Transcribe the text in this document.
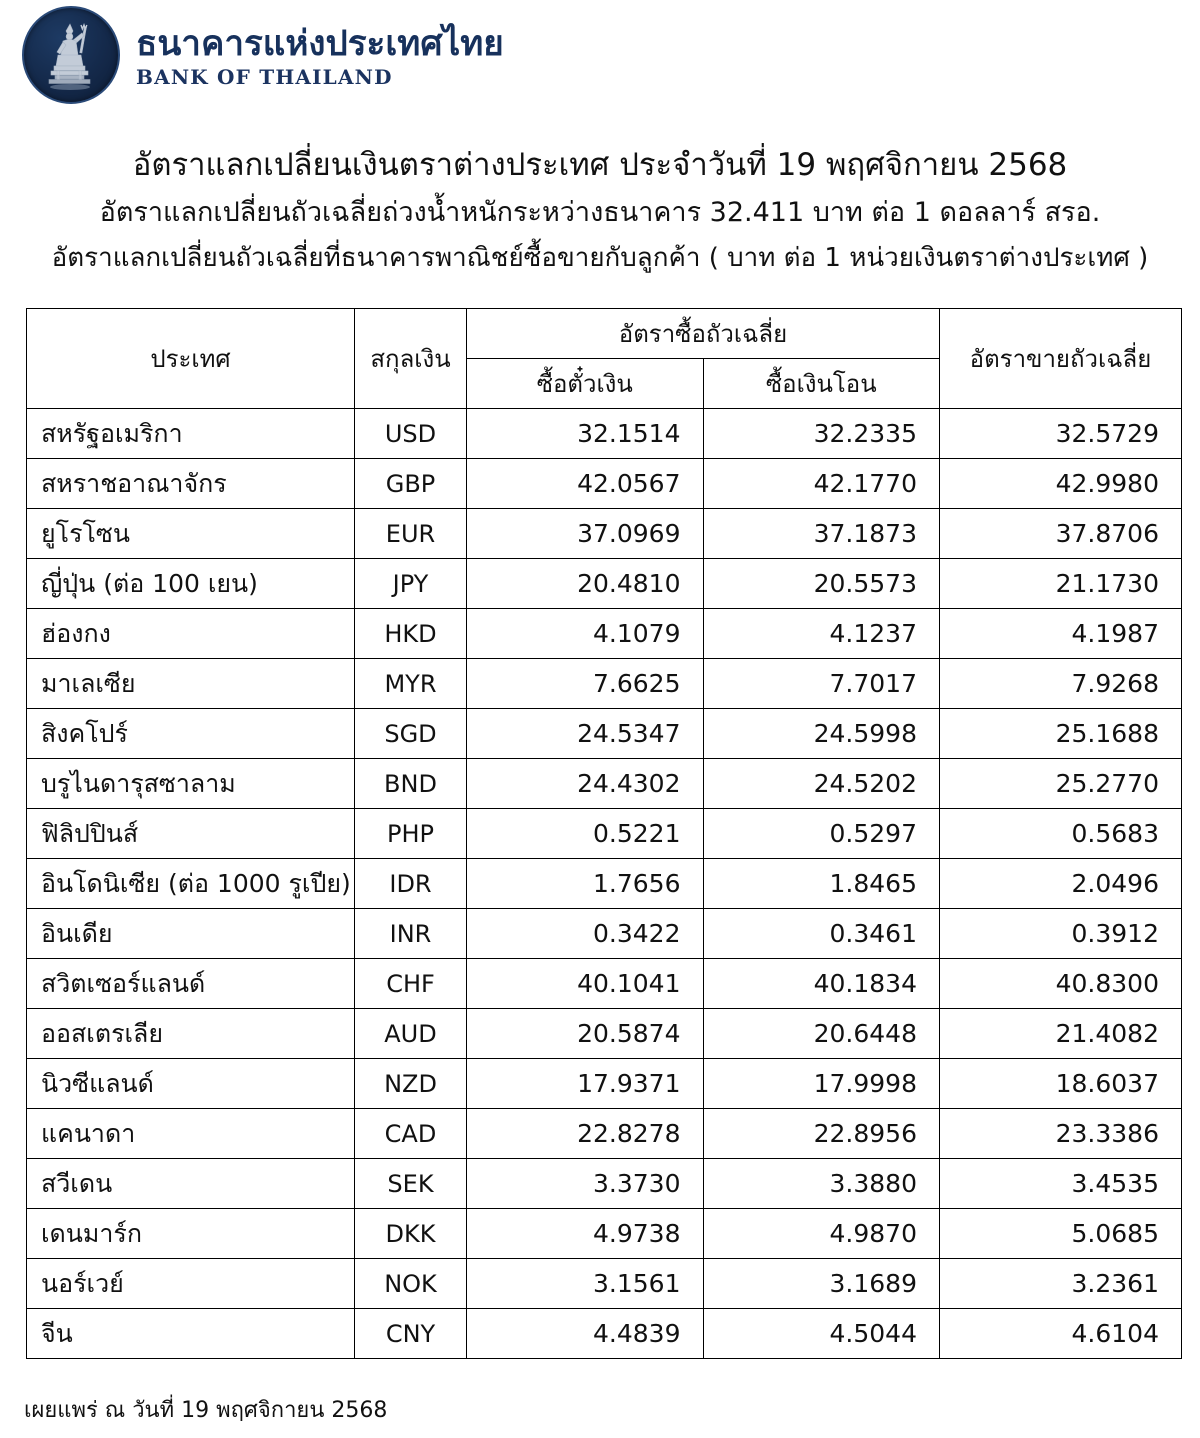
ธนาคารแห่งประเทศไทย
BANK OF THAILAND
อัตราแลกเปลี่ยนเงินตราต่างประเทศ ประจำวันที่ 19 พฤศจิกายน 2568
อัตราแลกเปลี่ยนถัวเฉลี่ยถ่วงน้ำหนักระหว่างธนาคาร 32.411 บาท ต่อ 1 ดอลลาร์ สรอ.
อัตราแลกเปลี่ยนถัวเฉลี่ยที่ธนาคารพาณิชย์ซื้อขายกับลูกค้า ( บาท ต่อ 1 หน่วยเงินตราต่างประเทศ )
ประเทศ	สกุลเงิน	อัตราซื้อถัวเฉลี่ย		อัตราขายถัวเฉลี่ย
		ซื้อตั๋วเงิน	ซื้อเงินโอน	
สหรัฐอเมริกา	USD	32.1514	32.2335	32.5729
สหราชอาณาจักร	GBP	42.0567	42.1770	42.9980
ยูโรโซน	EUR	37.0969	37.1873	37.8706
ญี่ปุ่น (ต่อ 100 เยน)	JPY	20.4810	20.5573	21.1730
ฮ่องกง	HKD	4.1079	4.1237	4.1987
มาเลเซีย	MYR	7.6625	7.7017	7.9268
สิงคโปร์	SGD	24.5347	24.5998	25.1688
บรูไนดารุสซาลาม	BND	24.4302	24.5202	25.2770
ฟิลิปปินส์	PHP	0.5221	0.5297	0.5683
อินโดนิเซีย (ต่อ 1000 รูเปีย)	IDR	1.7656	1.8465	2.0496
อินเดีย	INR	0.3422	0.3461	0.3912
สวิตเซอร์แลนด์	CHF	40.1041	40.1834	40.8300
ออสเตรเลีย	AUD	20.5874	20.6448	21.4082
นิวซีแลนด์	NZD	17.9371	17.9998	18.6037
แคนาดา	CAD	22.8278	22.8956	23.3386
สวีเดน	SEK	3.3730	3.3880	3.4535
เดนมาร์ก	DKK	4.9738	4.9870	5.0685
นอร์เวย์	NOK	3.1561	3.1689	3.2361
จีน	CNY	4.4839	4.5044	4.6104
เผยแพร่ ณ วันที่ 19 พฤศจิกายน 2568
